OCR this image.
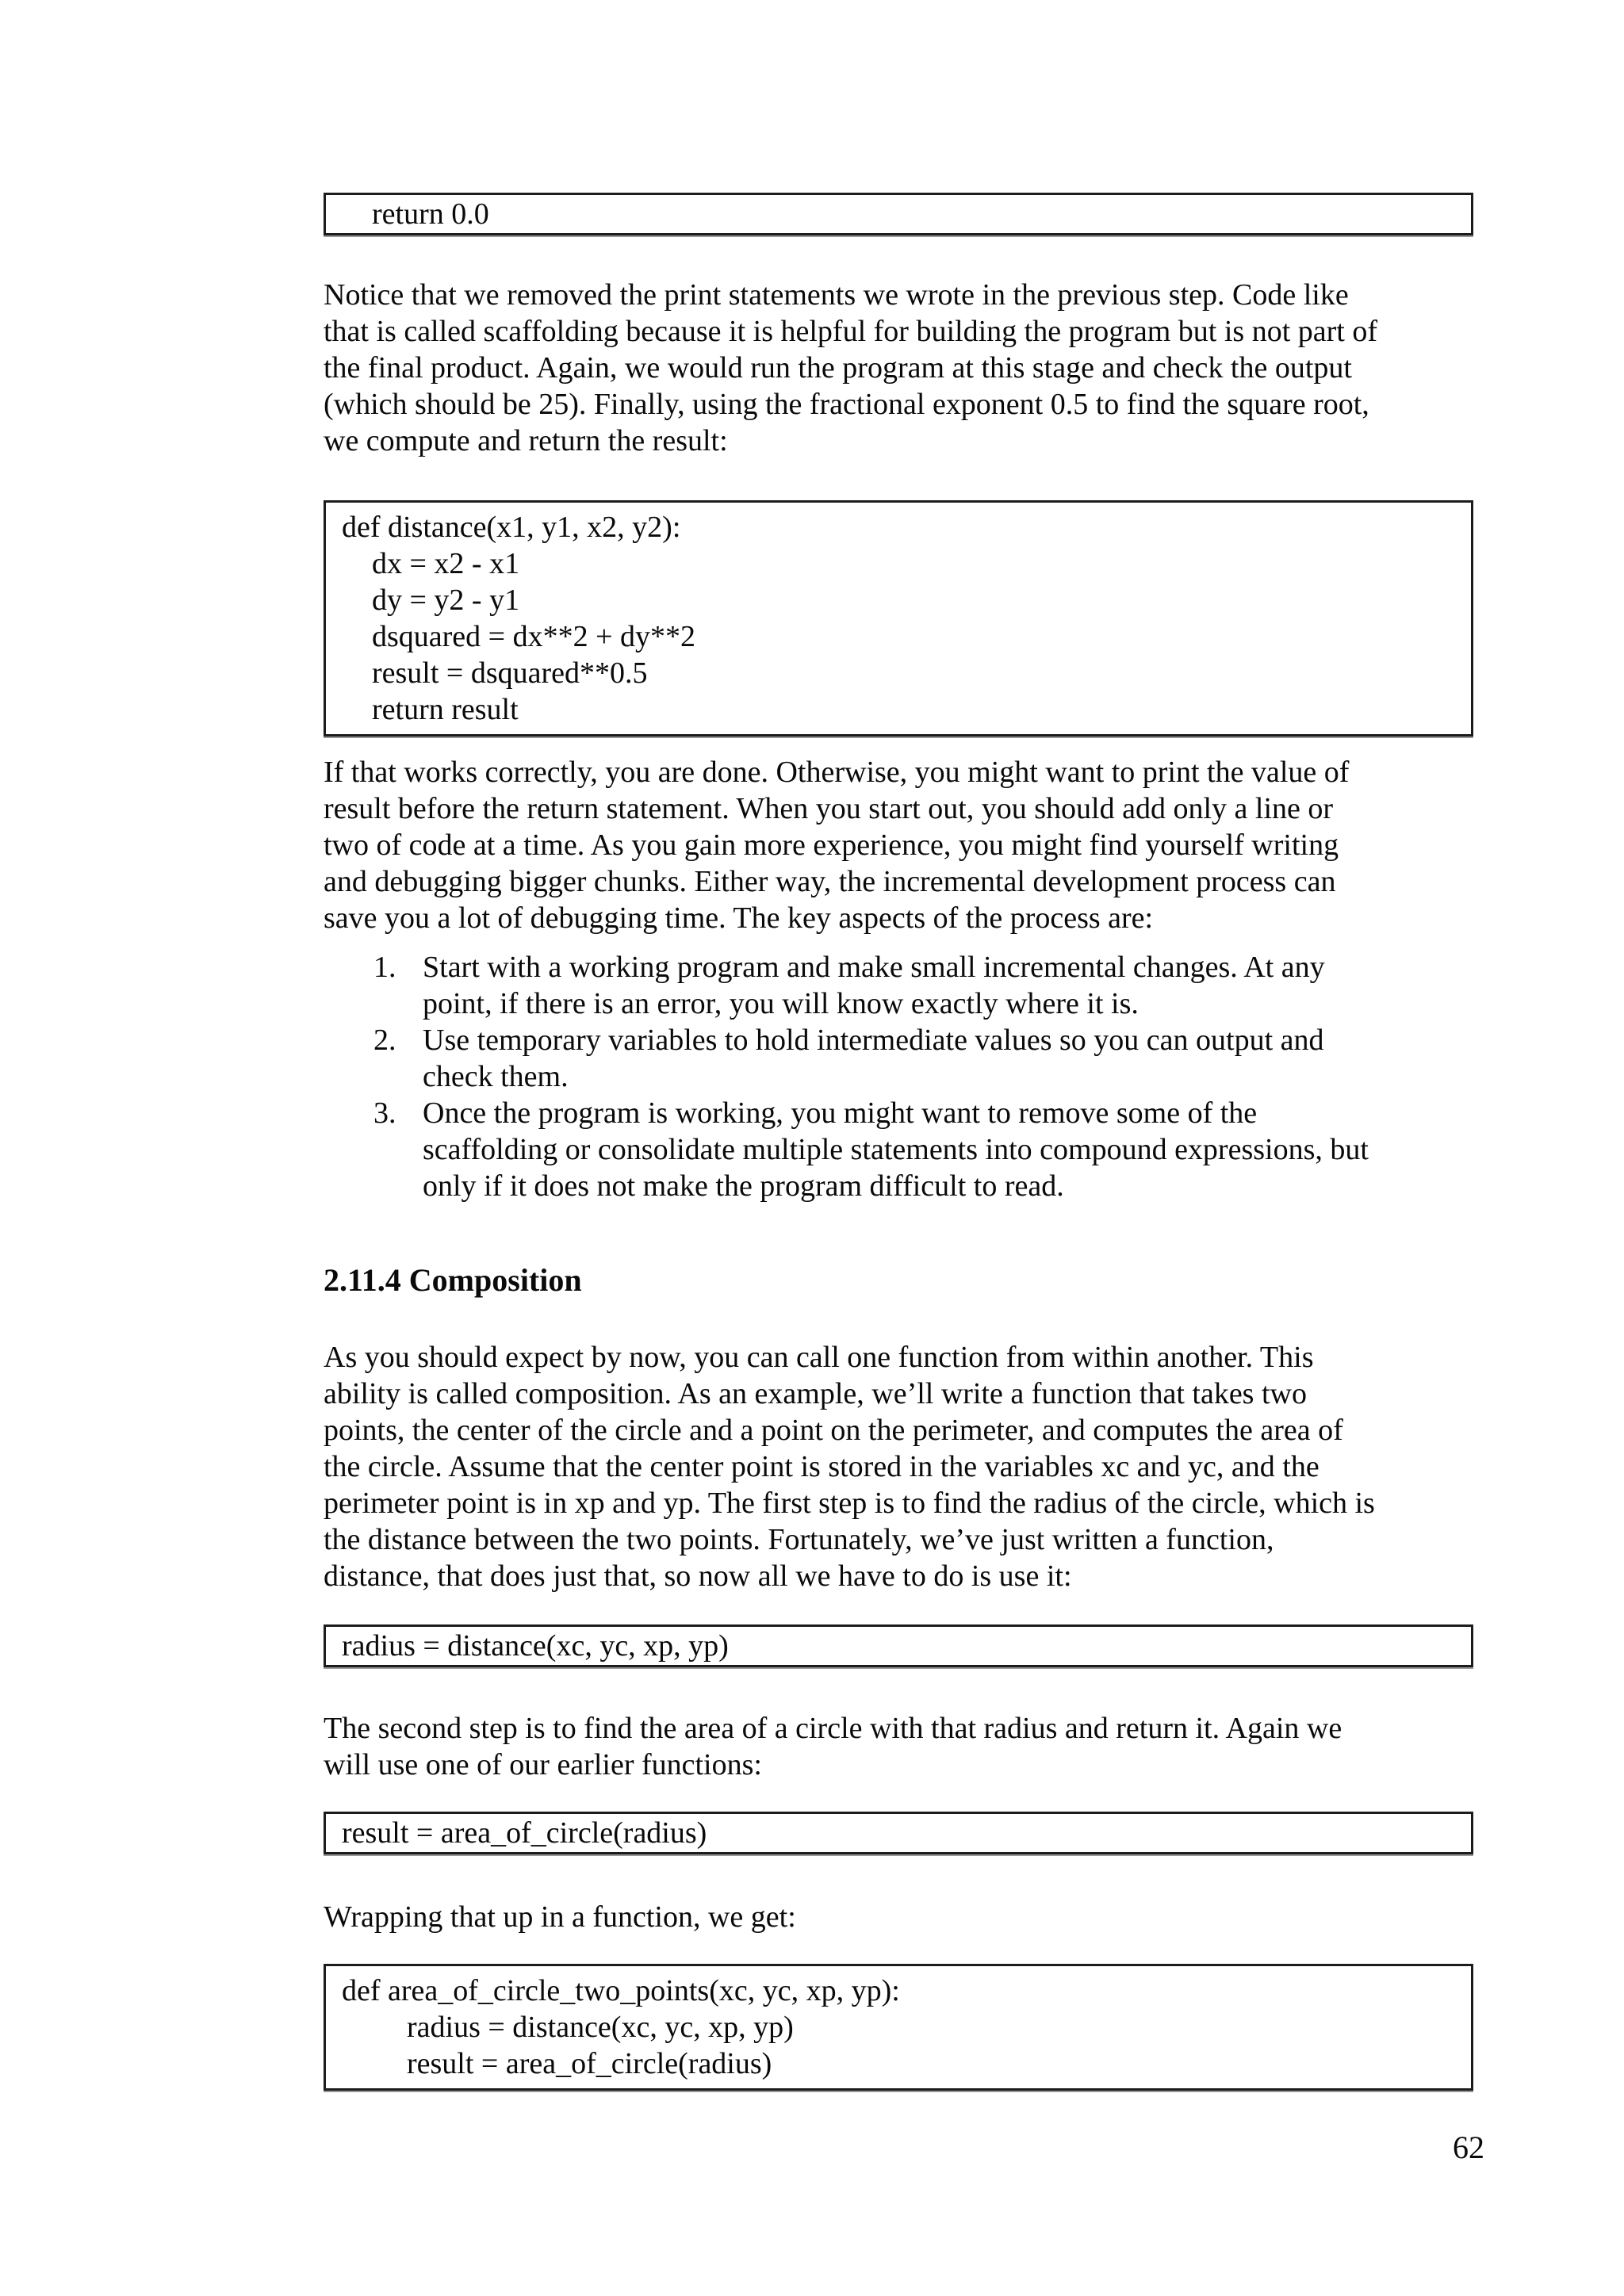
return 0.0
Notice that we removed the print statements we wrote in the previous step. Code like
that is called scaffolding because it is helpful for building the program but is not part of
the final product. Again, we would run the program at this stage and check the output
(which should be 25). Finally, using the fractional exponent 0.5 to find the square root,
we compute and return the result:
def distance(x1, y1, x2, y2):
dx = x2 - x1
dy = y2 - y1
dsquared = dx**2 + dy**2
result = dsquared**0.5
return result
If that works correctly, you are done. Otherwise, you might want to print the value of
result before the return statement. When you start out, you should add only a line or
two of code at a time. As you gain more experience, you might find yourself writing
and debugging bigger chunks. Either way, the incremental development process can
save you a lot of debugging time. The key aspects of the process are:
1. Start with a working program and make small incremental changes. At any
point, if there is an error, you will know exactly where it is.
2. Use temporary variables to hold intermediate values so you can output and
check them.
3. Once the program is working, you might want to remove some of the
scaffolding or consolidate multiple statements into compound expressions, but
only if it does not make the program difficult to read.
2.11.4 Composition
As you should expect by now, you can call one function from within another. This
ability is called composition. As an example, we’ll write a function that takes two
points, the center of the circle and a point on the perimeter, and computes the area of
the circle. Assume that the center point is stored in the variables xc and yc, and the
perimeter point is in xp and yp. The first step is to find the radius of the circle, which is
the distance between the two points. Fortunately, we’ve just written a function,
distance, that does just that, so now all we have to do is use it:
radius = distance(xc, yc, xp, yp)
The second step is to find the area of a circle with that radius and return it. Again we
will use one of our earlier functions:
result = area_of_circle(radius)
Wrapping that up in a function, we get:
def area_of_circle_two_points(xc, yc, xp, yp):
radius = distance(xc, yc, xp, yp)
result = area_of_circle(radius)
62
